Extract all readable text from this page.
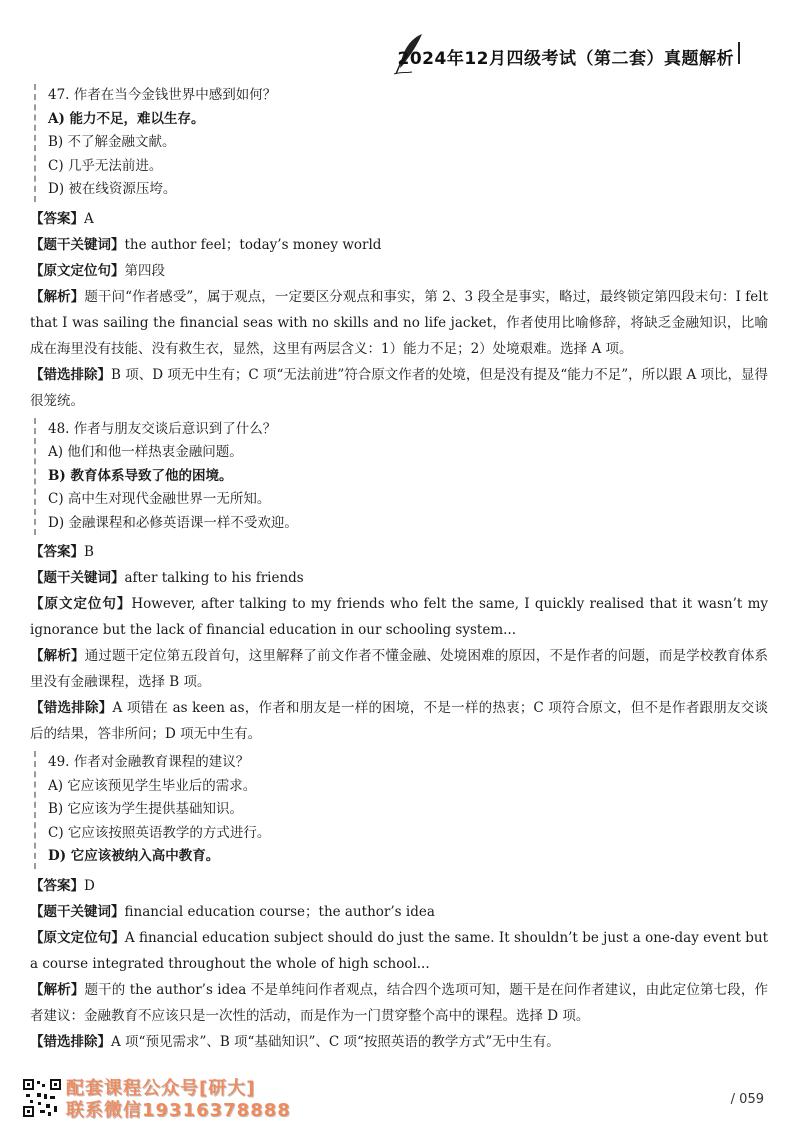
2024年12月四级考试（第二套）真题解析
47. 作者在当今金钱世界中感到如何？
A) 能力不足，难以生存。
B) 不了解金融文献。
C) 几乎无法前进。
D) 被在线资源压垮。

【答案】A

【题干关键词】the author feel；today’s money world

【原文定位句】第四段

【解析】题干问“作者感受”，属于观点，一定要区分观点和事实，第 2、3 段全是事实，略过，最终锁定第四段末句：I felt that I was sailing the financial seas with no skills and no life jacket，作者使用比喻修辞，将缺乏金融知识，比喻成在海里没有技能、没有救生衣，显然，这里有两层含义：1）能力不足；2）处境艰难。选择 A 项。

【错选排除】B 项、D 项无中生有；C 项“无法前进”符合原文作者的处境，但是没有提及“能力不足”，所以跟 A 项比，显得很笼统。

48. 作者与朋友交谈后意识到了什么？
A) 他们和他一样热衷金融问题。
B) 教育体系导致了他的困境。
C) 高中生对现代金融世界一无所知。
D) 金融课程和必修英语课一样不受欢迎。

【答案】B

【题干关键词】after talking to his friends

【原文定位句】However, after talking to my friends who felt the same, I quickly realised that it wasn’t my ignorance but the lack of financial education in our schooling system...

【解析】通过题干定位第五段首句，这里解释了前文作者不懂金融、处境困难的原因，不是作者的问题，而是学校教育体系里没有金融课程，选择 B 项。

【错选排除】A 项错在 as keen as，作者和朋友是一样的困境，不是一样的热衷；C 项符合原文，但不是作者跟朋友交谈后的结果，答非所问；D 项无中生有。

49. 作者对金融教育课程的建议？
A) 它应该预见学生毕业后的需求。
B) 它应该为学生提供基础知识。
C) 它应该按照英语教学的方式进行。
D) 它应该被纳入高中教育。

【答案】D

【题干关键词】financial education course；the author’s idea

【原文定位句】A financial education subject should do just the same. It shouldn’t be just a one-day event but a course integrated throughout the whole of high school...

【解析】题干的 the author’s idea 不是单纯问作者观点，结合四个选项可知，题干是在问作者建议，由此定位第七段，作者建议：金融教育不应该只是一次性的活动，而是作为一门贯穿整个高中的课程。选择 D 项。

【错选排除】A 项“预见需求”、B 项“基础知识”、C 项“按照英语的教学方式”无中生有。

配套课程公众号[研大]
联系微信19316378888
/ 059
